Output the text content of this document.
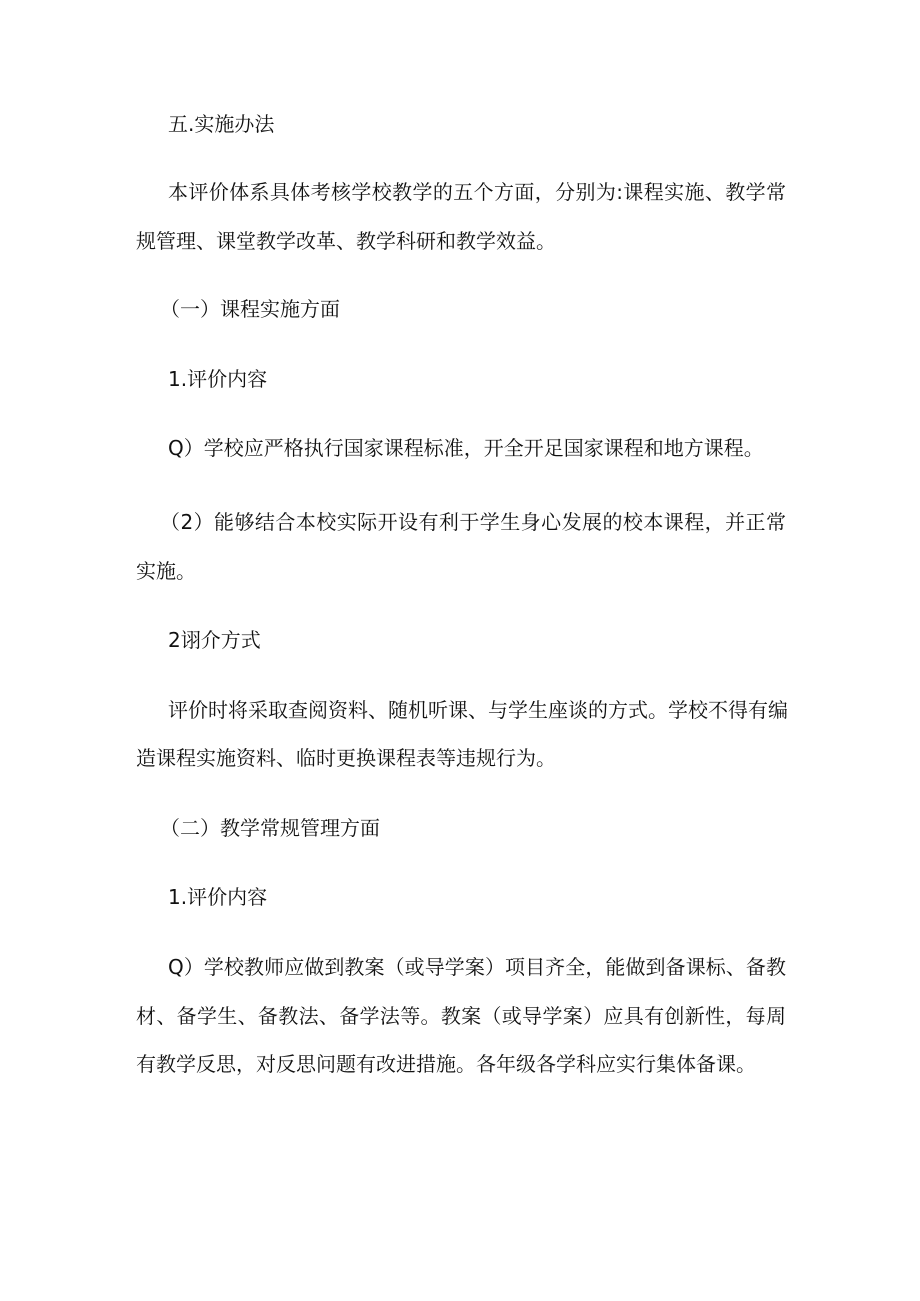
五.实施办法

本评价体系具体考核学校教学的五个方面，分别为:课程实施、教学常

规管理、课堂教学改革、教学科研和教学效益。

（一）课程实施方面

1.评价内容

Q）学校应严格执行国家课程标准，开全开足国家课程和地方课程。

（2）能够结合本校实际开设有利于学生身心发展的校本课程，并正常

实施。

2诩介方式

评价时将采取查阅资料、随机听课、与学生座谈的方式。学校不得有编

造课程实施资料、临时更换课程表等违规行为。

（二）教学常规管理方面

1.评价内容

Q）学校教师应做到教案（或导学案）项目齐全，能做到备课标、备教

材、备学生、备教法、备学法等。教案（或导学案）应具有创新性，每周

有教学反思，对反思问题有改进措施。各年级各学科应实行集体备课。
